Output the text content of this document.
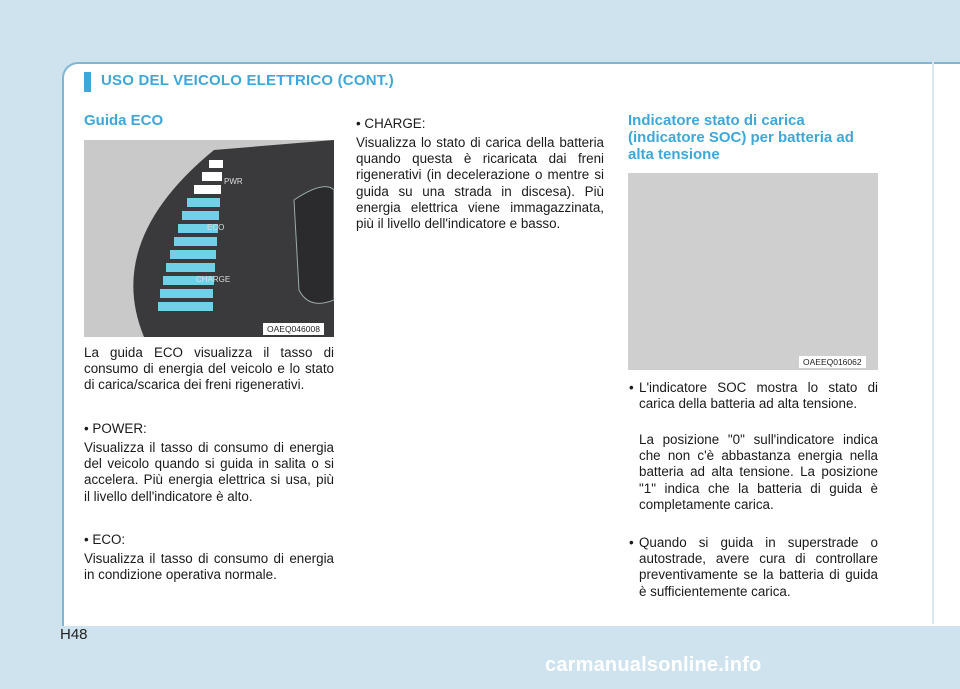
USO DEL VEICOLO ELETTRICO (CONT.)
Guida ECO
PWR
ECO
CHARGE
OAEQ046008
La guida ECO visualizza il tasso di consumo di energia del veicolo e lo stato di carica/scarica dei freni rigenerativi.
• POWER:
Visualizza il tasso di consumo di energia del veicolo quando si guida in salita o si accelera. Più energia elettrica si usa, più il livello dell'indicatore è alto.
• ECO:
Visualizza il tasso di consumo di energia in condizione operativa normale.
• CHARGE:
Visualizza lo stato di carica della batteria quando questa è ricaricata dai freni rigenerativi (in decelerazione o mentre si guida su una strada in discesa). Più energia elettrica viene immagazzinata, più il livello dell'indicatore e basso.
Indicatore stato di carica (indicatore SOC) per batteria ad alta tensione
OAEEQ016062
• L'indicatore SOC mostra lo stato di carica della batteria ad alta tensione.
La posizione "0" sull'indicatore indica che non c'è abbastanza energia nella batteria ad alta tensione. La posizione "1" indica che la batteria di guida è completamente carica.
• Quando si guida in superstrade o autostrade, avere cura di controllare preventivamente se la batteria di guida è sufficientemente carica.
H48
carmanualsonline.info
